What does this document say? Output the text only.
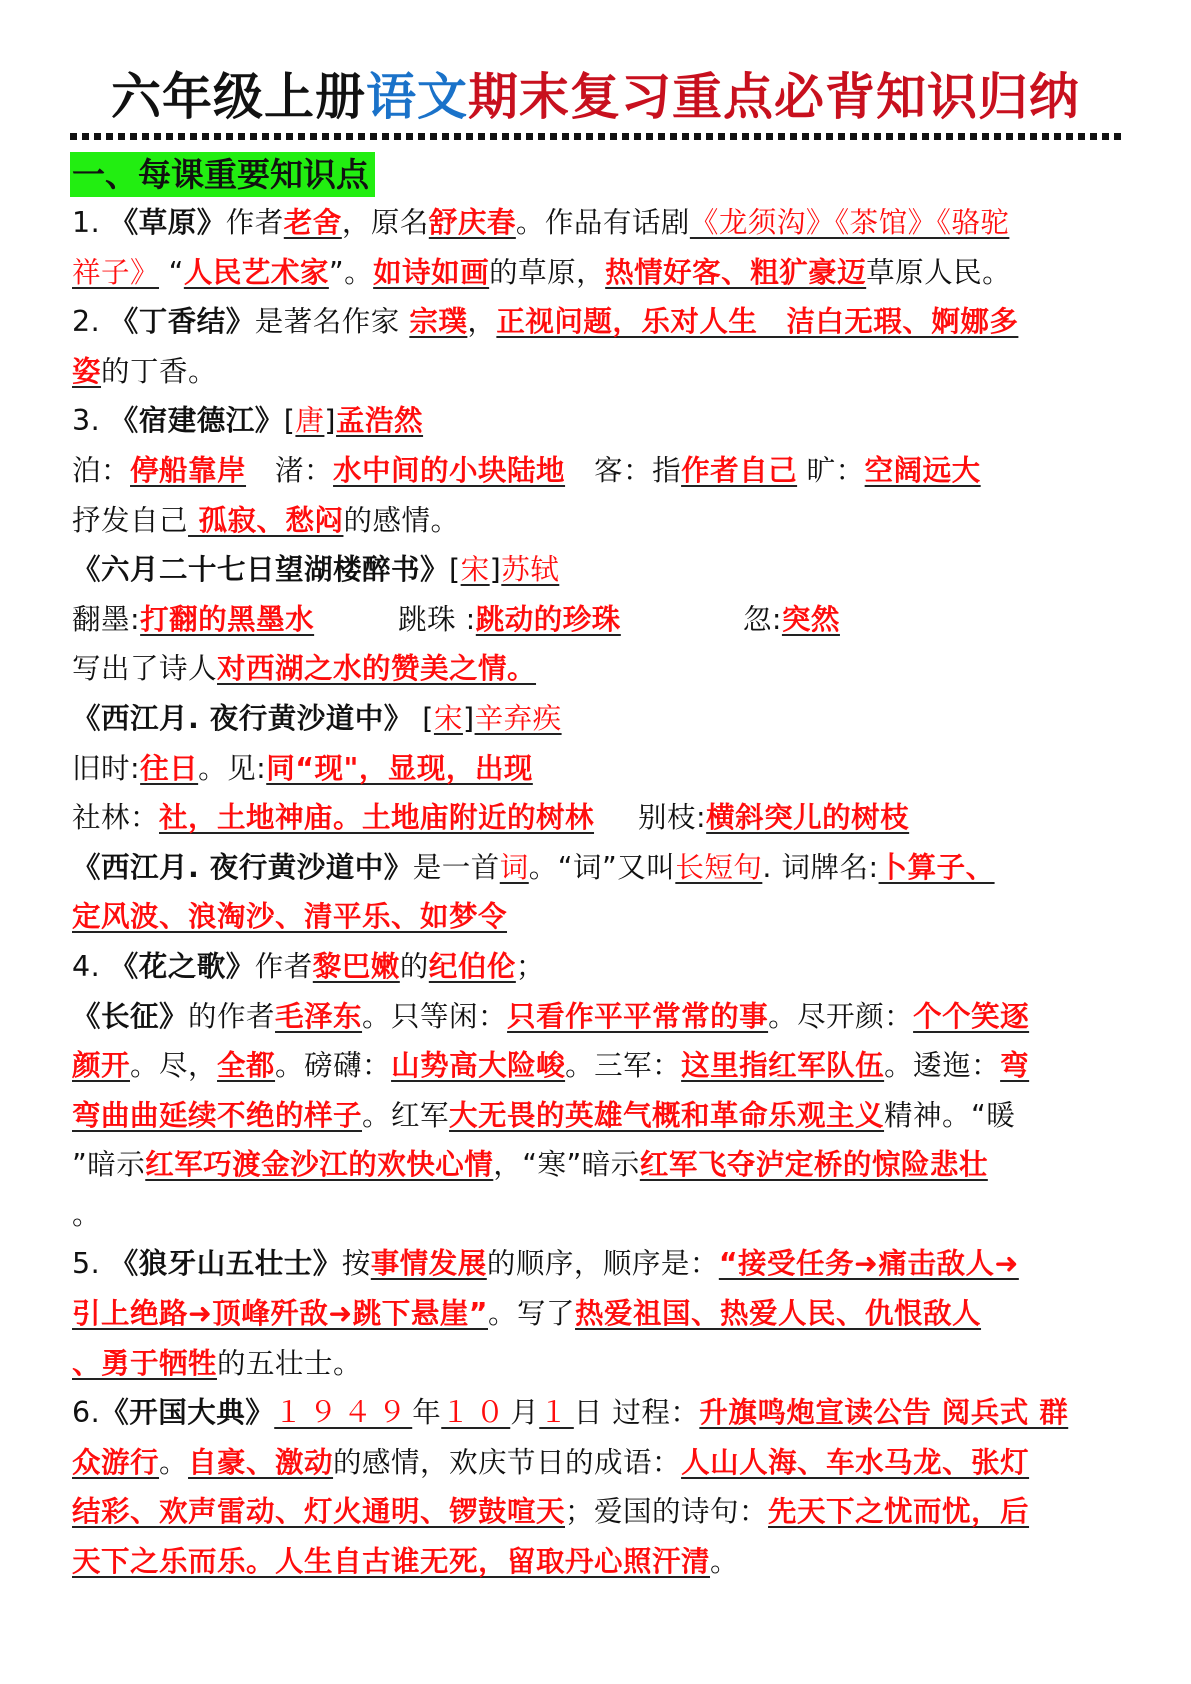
六年级上册语文期末复习重点必背知识归纳
一、每课重要知识点
1. 《草原》作者老舍，原名舒庆春。作品有话剧《龙须沟》《茶馆》《骆驼
祥子》 “人民艺术家”。如诗如画的草原，热情好客、粗犷豪迈草原人民。
2. 《丁香结》是著名作家 宗璞，正视问题，乐对人生　洁白无瑕、婀娜多
姿的丁香。
3. 《宿建德江》[唐]孟浩然
泊：停船靠岸　渚：水中间的小块陆地　客：指作者自己 旷：空阔远大
抒发自己 孤寂、愁闷的感情。
《六月二十七日望湖楼醉书》[宋]苏轼
翻墨:打翻的黑墨水	跳珠 :跳动的珍珠	忽:突然
写出了诗人对西湖之水的赞美之情。
《西江月. 夜行黄沙道中》 [宋]辛弃疾
旧时:往日。见:同“现"，显现，出现
社林：社，土地神庙。土地庙附近的树林 别枝:横斜突儿的树枝
《西江月. 夜行黄沙道中》是一首词。“词”又叫长短句. 词牌名:卜算子、
定风波、浪淘沙、清平乐、如梦令
4. 《花之歌》作者黎巴嫩的纪伯伦；
《长征》的作者毛泽东。只等闲：只看作平平常常的事。尽开颜：个个笑逐
颜开。尽，全都。磅礴：山势高大险峻。三军：这里指红军队伍。逶迤：弯
弯曲曲延续不绝的样子。红军大无畏的英雄气概和革命乐观主义精神。“暖
”暗示红军巧渡金沙江的欢快心情，“寒”暗示红军飞夺泸定桥的惊险悲壮
。
5. 《狼牙山五壮士》按事情发展的顺序，顺序是：“接受任务➜痛击敌人➜
引上绝路➜顶峰歼敌➜跳下悬崖”。写了热爱祖国、热爱人民、仇恨敌人
、勇于牺牲的五壮士。
6.《开国大典》１９４９年１０月１日 过程：升旗鸣炮宣读公告 阅兵式 群
众游行。自豪、激动的感情，欢庆节日的成语：人山人海、车水马龙、张灯
结彩、欢声雷动、灯火通明、锣鼓喧天；爱国的诗句：先天下之忧而忧，后
天下之乐而乐。人生自古谁无死，留取丹心照汗清。
